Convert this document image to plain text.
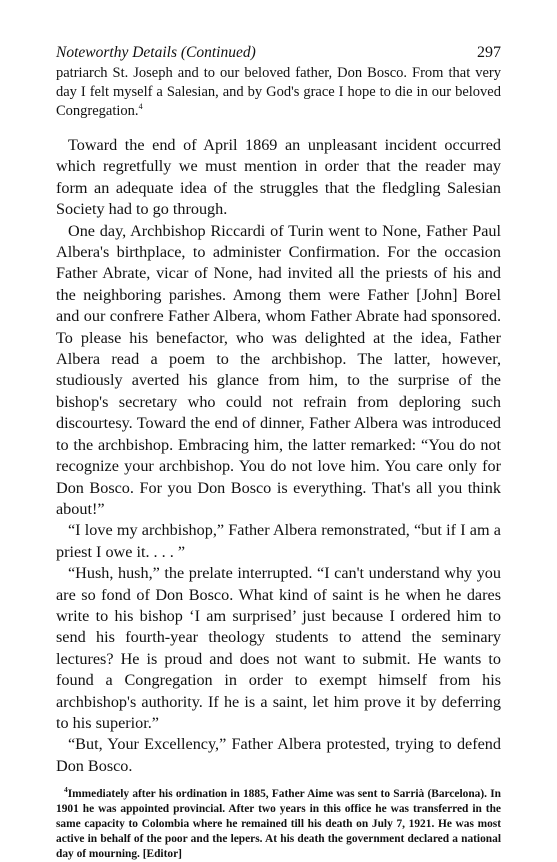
Noteworthy Details (Continued)	297

patriarch St. Joseph and to our beloved father, Don Bosco. From that very day I felt myself a Salesian, and by God's grace I hope to die in our beloved Congregation.$^4$

Toward the end of April 1869 an unpleasant incident occurred which regretfully we must mention in order that the reader may form an adequate idea of the struggles that the fledgling Salesian Society had to go through.

One day, Archbishop Riccardi of Turin went to None, Father Paul Albera's birthplace, to administer Confirmation. For the occasion Father Abrate, vicar of None, had invited all the priests of his and the neighboring parishes. Among them were Father [John] Borel and our confrere Father Albera, whom Father Abrate had sponsored. To please his benefactor, who was delighted at the idea, Father Albera read a poem to the archbishop. The latter, however, studiously averted his glance from him, to the surprise of the bishop's secretary who could not refrain from deploring such discourtesy. Toward the end of dinner, Father Albera was introduced to the archbishop. Embracing him, the latter remarked: “You do not recognize your archbishop. You do not love him. You care only for Don Bosco. For you Don Bosco is everything. That's all you think about!”

“I love my archbishop,” Father Albera remonstrated, “but if I am a priest I owe it. . . . ”

“Hush, hush,” the prelate interrupted. “I can't understand why you are so fond of Don Bosco. What kind of saint is he when he dares write to his bishop ‘I am surprised’ just because I ordered him to send his fourth-year theology students to attend the seminary lectures? He is proud and does not want to submit. He wants to found a Congregation in order to exempt himself from his archbishop's authority. If he is a saint, let him prove it by deferring to his superior.”

“But, Your Excellency,” Father Albera protested, trying to defend Don Bosco.

$^4$Immediately after his ordination in 1885, Father Aime was sent to Sarrià (Barcelona). In 1901 he was appointed provincial. After two years in this office he was transferred in the same capacity to Colombia where he remained till his death on July 7, 1921. He was most active in behalf of the poor and the lepers. At his death the government declared a national day of mourning. [Editor]
